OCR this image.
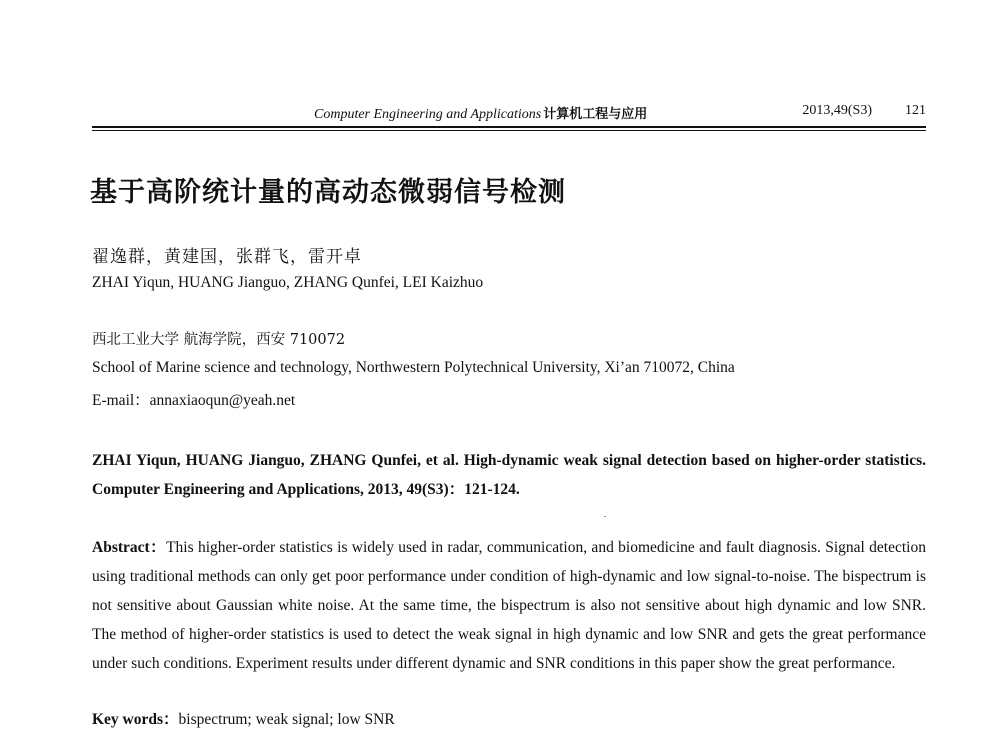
Computer Engineering and Applications 计算机工程与应用	2013,49(S3) 121
基于高阶统计量的高动态微弱信号检测
翟逸群，黄建国，张群飞，雷开卓
ZHAI Yiqun, HUANG Jianguo, ZHANG Qunfei, LEI Kaizhuo
西北工业大学 航海学院，西安 710072
School of Marine science and technology, Northwestern Polytechnical University, Xi’an 710072, China
E-mail：annaxiaoqun@yeah.net
ZHAI Yiqun, HUANG Jianguo, ZHANG Qunfei, et al. High-dynamic weak signal detection based on higher-order statistics. Computer Engineering and Applications, 2013, 49(S3)：121-124.
Abstract：This higher-order statistics is widely used in radar, communication, and biomedicine and fault diagnosis. Signal detection using traditional methods can only get poor performance under condition of high-dynamic and low signal-to-noise. The bispectrum is not sensitive about Gaussian white noise. At the same time, the bispectrum is also not sensitive about high dynamic and low SNR. The method of higher-order statistics is used to detect the weak signal in high dynamic and low SNR and gets the great performance under such conditions. Experiment results under different dynamic and SNR conditions in this paper show the great performance.
Key words：bispectrum; weak signal; low SNR
